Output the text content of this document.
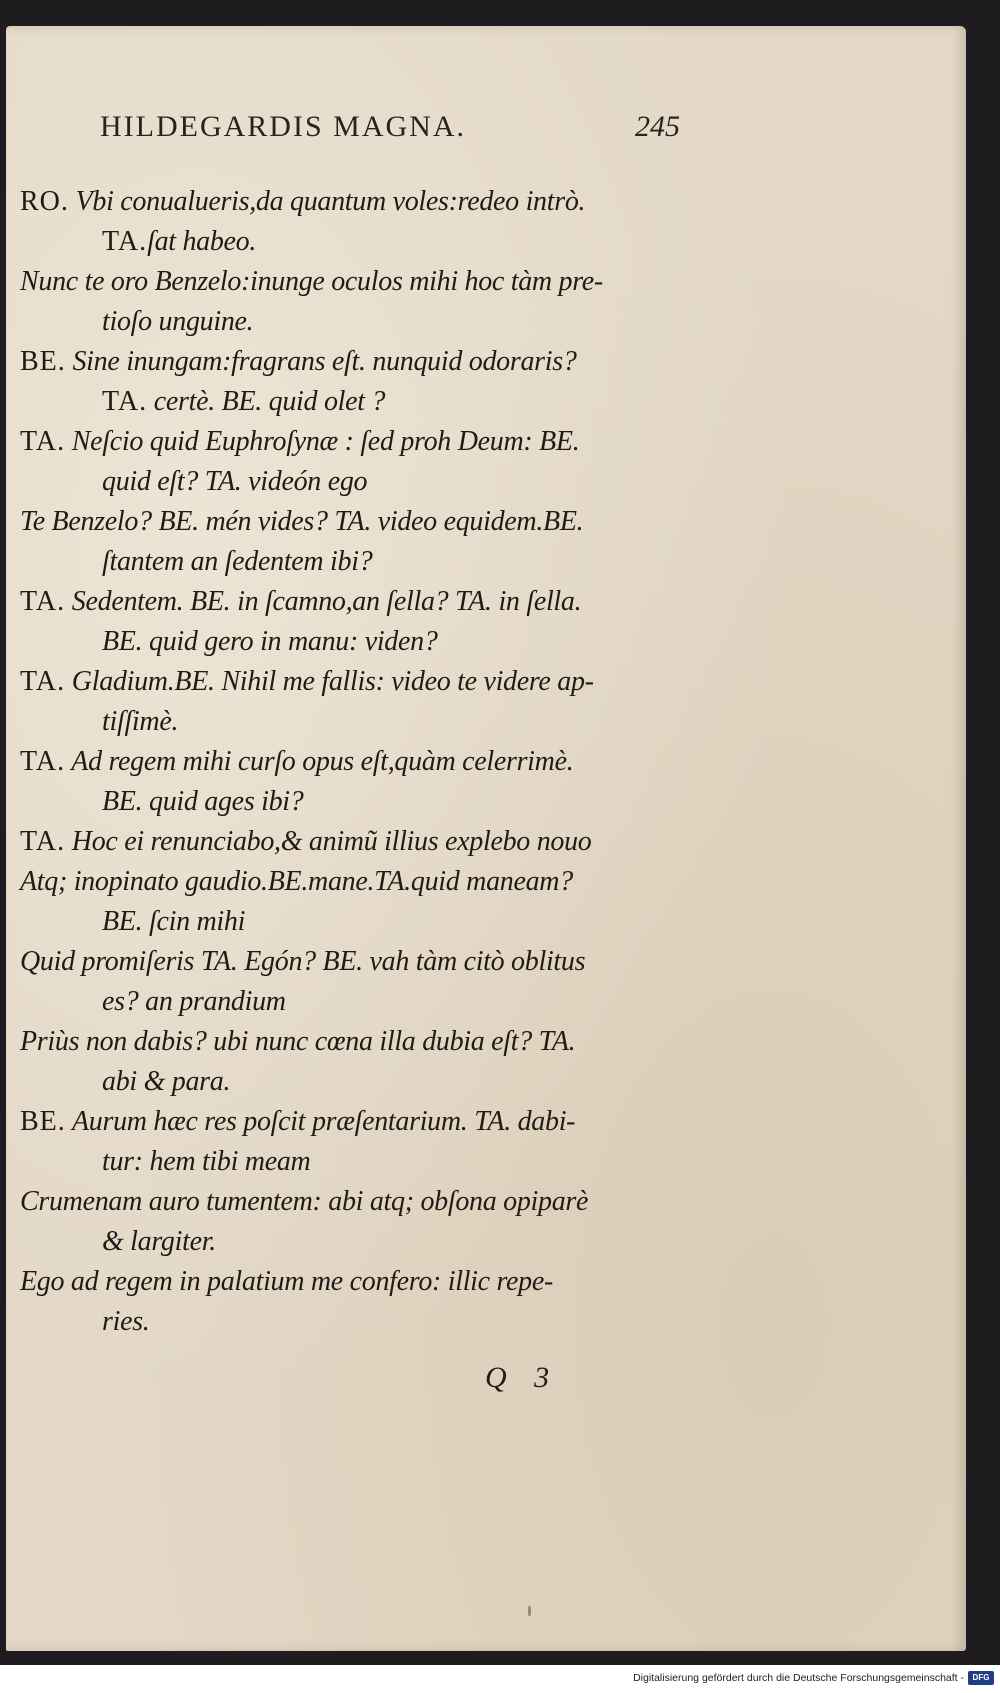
HILDEGARDIS MAGNA.	245
RO. Vbi conualueris,da quantum voles:redeo intrò.
TA.ſat habeo.
Nunc te oro Benzelo:inunge oculos mihi hoc tàm pre-
tioſo unguine.
BE. Sine inungam:fragrans eſt. nunquid odoraris?
TA. certè. BE. quid olet ?
TA. Neſcio quid Euphroſynæ : ſed proh Deum: BE.
quid eſt? TA. videón ego
Te Benzelo? BE. mén vides? TA. video equidem.BE.
ſtantem an ſedentem ibi?
TA. Sedentem. BE. in ſcamno,an ſella? TA. in ſella.
BE. quid gero in manu: viden?
TA. Gladium.BE. Nihil me fallis: video te videre ap-
tiſſimè.
TA. Ad regem mihi curſo opus eſt,quàm celerrimè.
BE. quid ages ibi?
TA. Hoc ei renunciabo,& animũ illius explebo nouo
Atq; inopinato gaudio.BE.mane.TA.quid maneam?
BE. ſcin mihi
Quid promiſeris TA. Egón? BE. vah tàm citò oblitus
es? an prandium
Priùs non dabis? ubi nunc cœna illa dubia eſt? TA.
abi & para.
BE. Aurum hæc res poſcit præſentarium. TA. dabi-
tur: hem tibi meam
Crumenam auro tumentem: abi atq; obſona opiparè
& largiter.
Ego ad regem in palatium me confero: illic repe-
ries.
Q 3
Digitalisierung gefördert durch die Deutsche Forschungsgemeinschaft -	DFG
